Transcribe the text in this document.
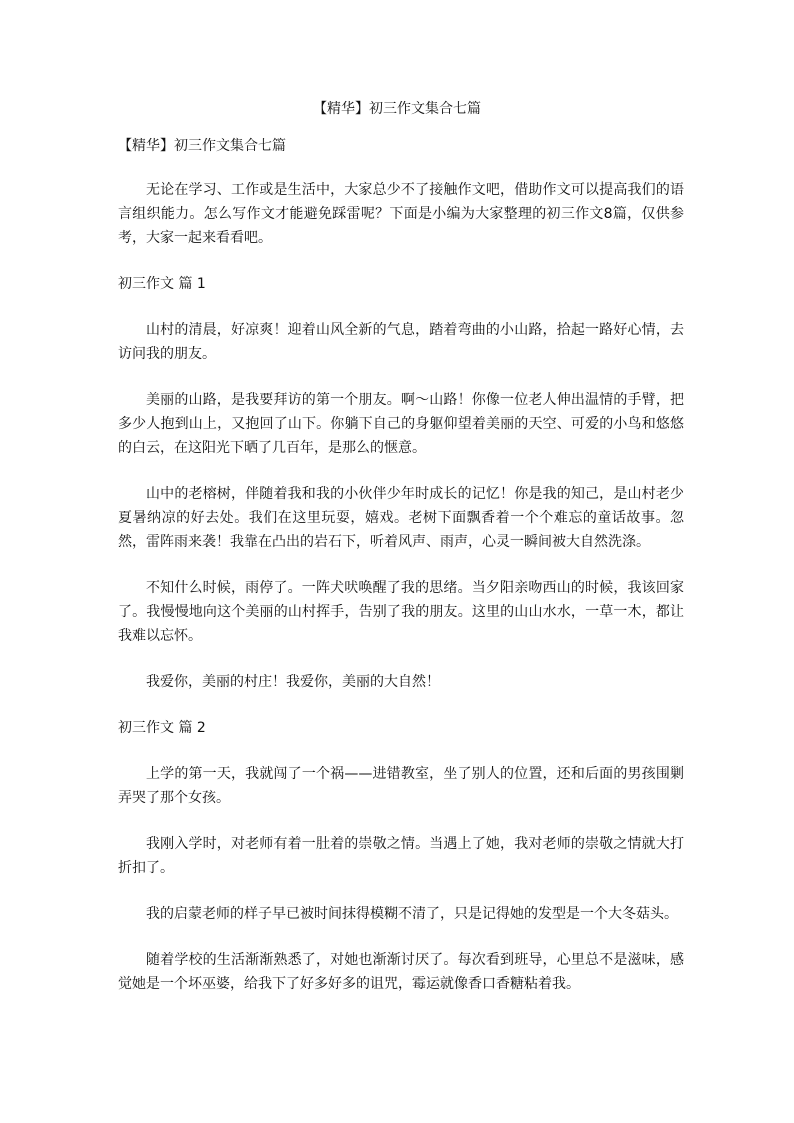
【精华】初三作文集合七篇

【精华】初三作文集合七篇

无论在学习、工作或是生活中，大家总少不了接触作文吧，借助作文可以提高我们的语言组织能力。怎么写作文才能避免踩雷呢？下面是小编为大家整理的初三作文8篇，仅供参考，大家一起来看看吧。

初三作文 篇 1

山村的清晨，好凉爽！迎着山风全新的气息，踏着弯曲的小山路，拾起一路好心情，去访问我的朋友。

美丽的山路，是我要拜访的第一个朋友。啊～山路！你像一位老人伸出温情的手臂，把多少人抱到山上，又抱回了山下。你躺下自己的身躯仰望着美丽的天空、可爱的小鸟和悠悠的白云，在这阳光下晒了几百年，是那么的惬意。

山中的老榕树，伴随着我和我的小伙伴少年时成长的记忆！你是我的知己，是山村老少夏暑纳凉的好去处。我们在这里玩耍，嬉戏。老树下面飘香着一个个难忘的童话故事。忽然，雷阵雨来袭！我靠在凸出的岩石下，听着风声、雨声，心灵一瞬间被大自然洗涤。

不知什么时候，雨停了。一阵犬吠唤醒了我的思绪。当夕阳亲吻西山的时候，我该回家了。我慢慢地向这个美丽的山村挥手，告别了我的朋友。这里的山山水水，一草一木，都让我难以忘怀。

我爱你，美丽的村庄！我爱你，美丽的大自然！

初三作文 篇 2

上学的第一天，我就闯了一个祸——进错教室，坐了别人的位置，还和后面的男孩围剿弄哭了那个女孩。

我刚入学时，对老师有着一肚着的崇敬之情。当遇上了她，我对老师的崇敬之情就大打折扣了。

我的启蒙老师的样子早已被时间抹得模糊不清了，只是记得她的发型是一个大冬菇头。

随着学校的生活渐渐熟悉了，对她也渐渐讨厌了。每次看到班导，心里总不是滋味，感觉她是一个坏巫婆，给我下了好多好多的诅咒，霉运就像香口香糖粘着我。
